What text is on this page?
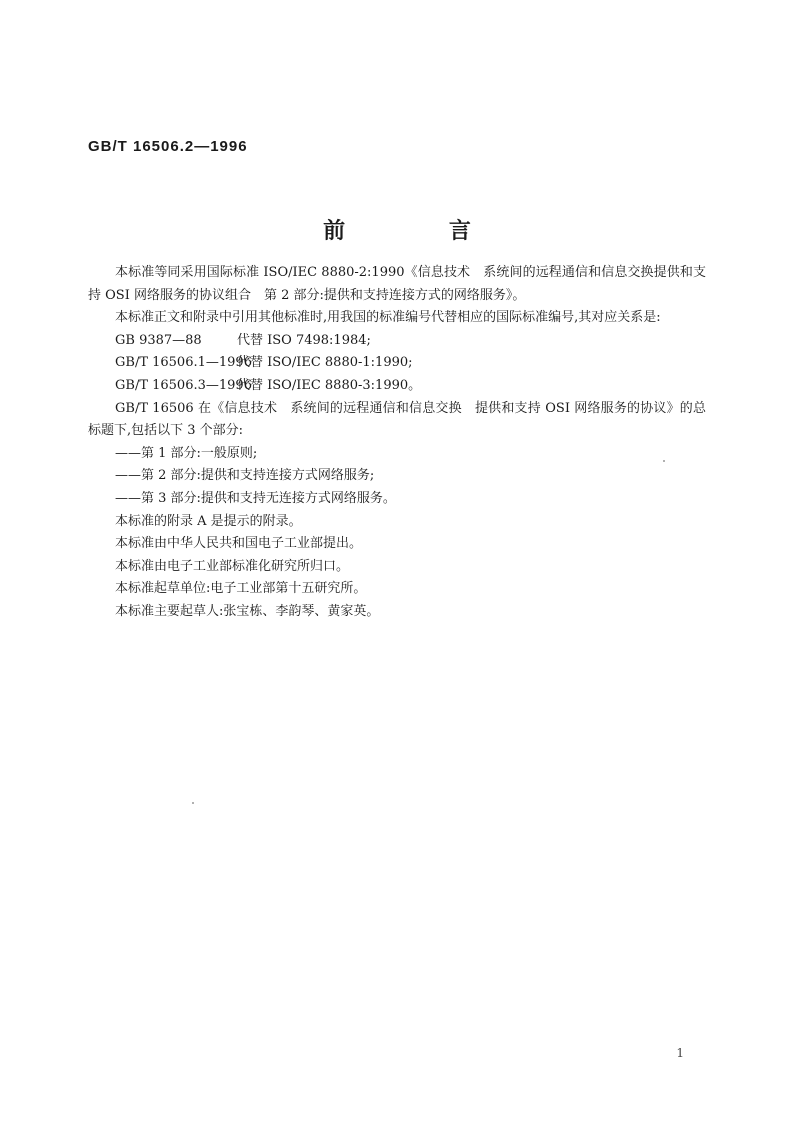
GB/T 16506.2—1996
前 言

本标准等同采用国际标准 ISO/IEC 8880-2:1990《信息技术　系统间的远程通信和信息交换提供和支持 OSI 网络服务的协议组合　第 2 部分:提供和支持连接方式的网络服务》。

本标准正文和附录中引用其他标准时,用我国的标准编号代替相应的国际标准编号,其对应关系是:

GB 9387—88	代替 ISO 7498:1984;
GB/T 16506.1—1996代替 ISO/IEC 8880-1:1990;
GB/T 16506.3—1996代替 ISO/IEC 8880-3:1990。

GB/T 16506 在《信息技术　系统间的远程通信和信息交换　提供和支持 OSI 网络服务的协议》的总标题下,包括以下 3 个部分:

——第 1 部分:一般原则;
——第 2 部分:提供和支持连接方式网络服务;
——第 3 部分:提供和支持无连接方式网络服务。

本标准的附录 A 是提示的附录。

本标准由中华人民共和国电子工业部提出。

本标准由电子工业部标准化研究所归口。

本标准起草单位:电子工业部第十五研究所。

本标准主要起草人:张宝栋、李韵琴、黄家英。

1
